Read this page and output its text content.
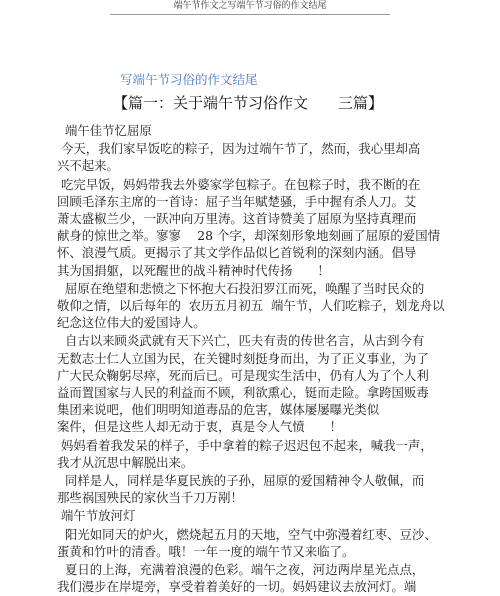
端午节作文之写端午节习俗的作文结尾
写端午节习俗的作文结尾
【篇一：关于端午节习俗作文　　三篇】
端午佳节忆屈原
今天，我们家早饭吃的粽子，因为过端午节了，然而，我心里却高
兴不起来。
吃完早饭，妈妈带我去外婆家学包粽子。在包粽子时，我不断的在
回顾毛泽东主席的一首诗：屈子当年赋楚骚，手中握有杀人刀。艾
萧太盛椒兰少，一跃冲向万里涛。这首诗赞美了屈原为坚持真理而
献身的惊世之举。寥寥　 28 个字，却深刻形象地刻画了屈原的爱国情
怀、浪漫气质。更揭示了其文学作品似匕首锐利的深刻内涵。倡导
其为国捐躯，以死醒世的战斗精神时代传扬　　！
屈原在绝望和悲愤之下怀抱大石投汨罗江而死，唤醒了当时民众的
敬仰之情，以后每年的  农历五月初五  端午节，人们吃粽子，划龙舟以
纪念这位伟大的爱国诗人。
自古以来顾炎武就有天下兴亡，匹夫有责的传世名言，从古到今有
无数志士仁人立国为民，在关键时刻挺身而出，为了正义事业，为了
广大民众鞠躬尽瘁，死而后已。可是现实生活中，仍有人为了个人利
益而置国家与人民的利益而不顾，利欲熏心，铤而走险。拿跨国贩毒
集团来说吧，他们明明知道毒品的危害，媒体屡屡曝光类似
案件，但是这些人却无动于衷，真是令人气愤　　！
妈妈看着我发呆的样子，手中拿着的粽子迟迟包不起来，喊我一声，
我才从沉思中解脱出来。
同样是人，同样是华夏民族的子孙，屈原的爱国精神令人敬佩，而
那些祸国殃民的家伙当千刀万剐！
端午节放河灯
阳光如同天的炉火，燃烧起五月的天地，空气中弥漫着红枣、豆沙、
蛋黄和竹叶的清香。哦！一年一度的端午节又来临了。
夏日的上海，充满着浪漫的色彩。端午之夜，河边两岸星光点点，
我们漫步在岸堤旁，享受着着美好的一切。妈妈建议去放河灯。端
